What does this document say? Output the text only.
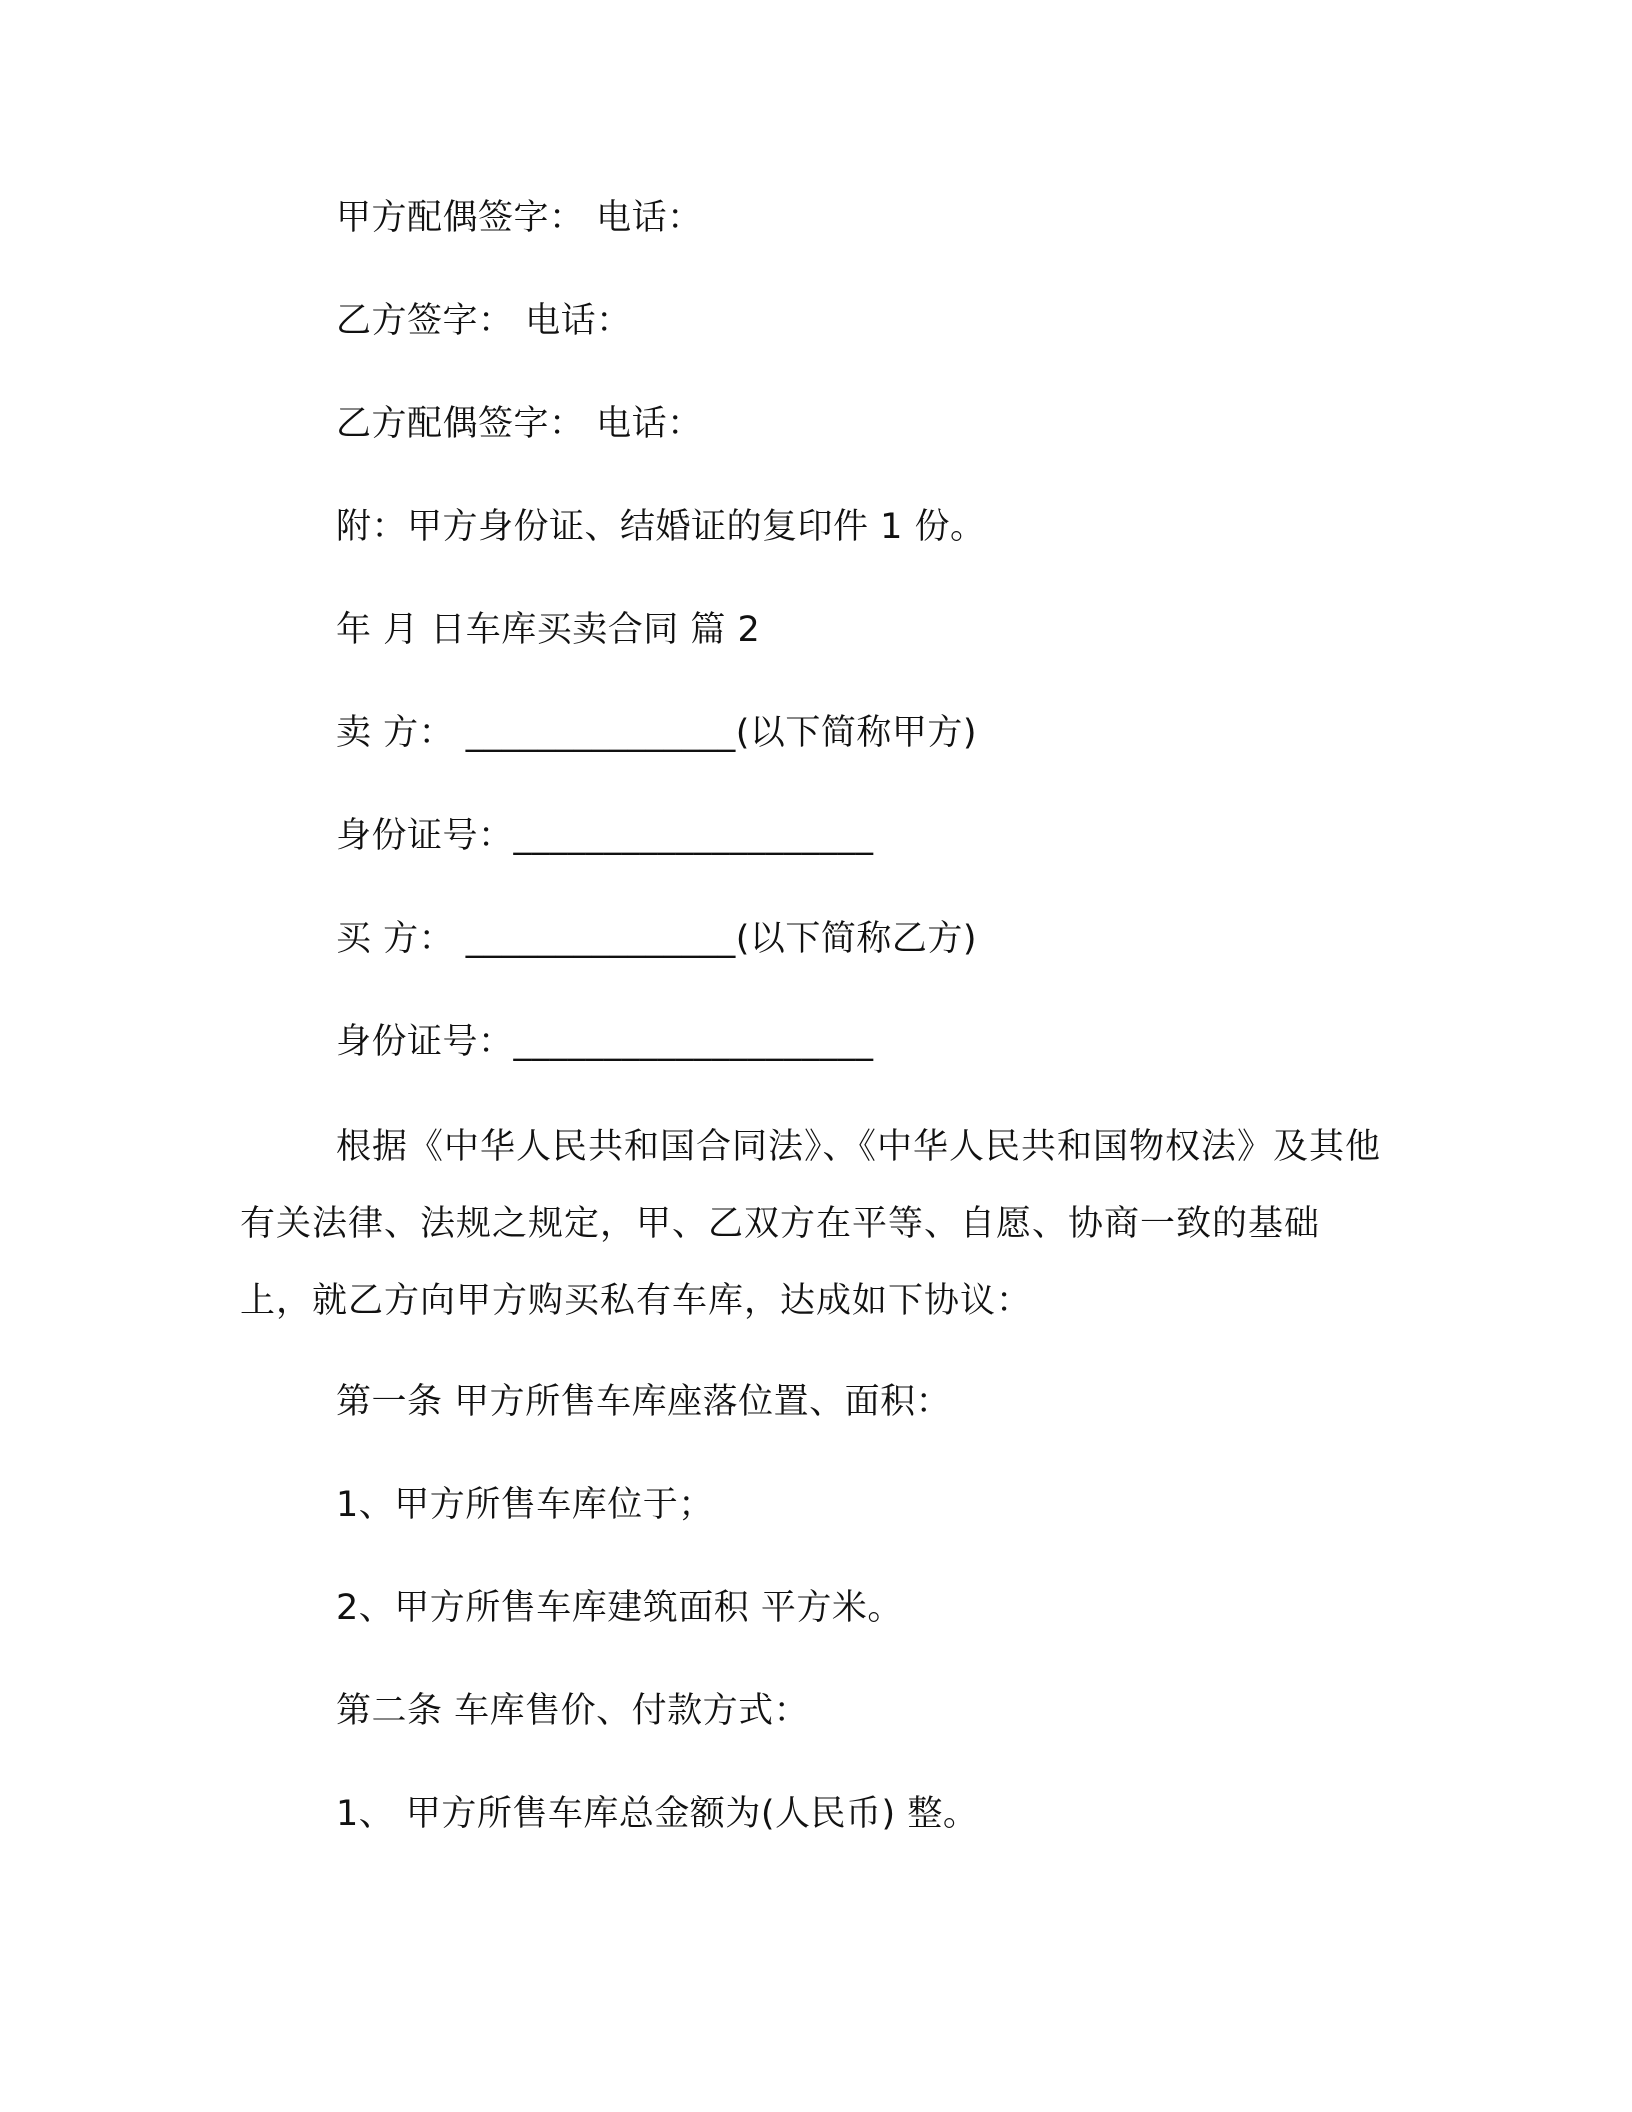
甲方配偶签字： 电话：
乙方签字： 电话：
乙方配偶签字： 电话：
附：甲方身份证、结婚证的复印件 1 份。
年 月 日车库买卖合同 篇 2
卖 方： _______________(以下简称甲方)
身份证号：____________________
买 方： _______________(以下简称乙方)
身份证号：____________________
根据《中华人民共和国合同法》、《中华人民共和国物权法》及其他有关法律、法规之规定，甲、乙双方在平等、自愿、协商一致的基础上，就乙方向甲方购买私有车库，达成如下协议：
第一条 甲方所售车库座落位置、面积：
1、甲方所售车库位于；
2、甲方所售车库建筑面积 平方米。
第二条 车库售价、付款方式：
1、 甲方所售车库总金额为(人民币) 整。
